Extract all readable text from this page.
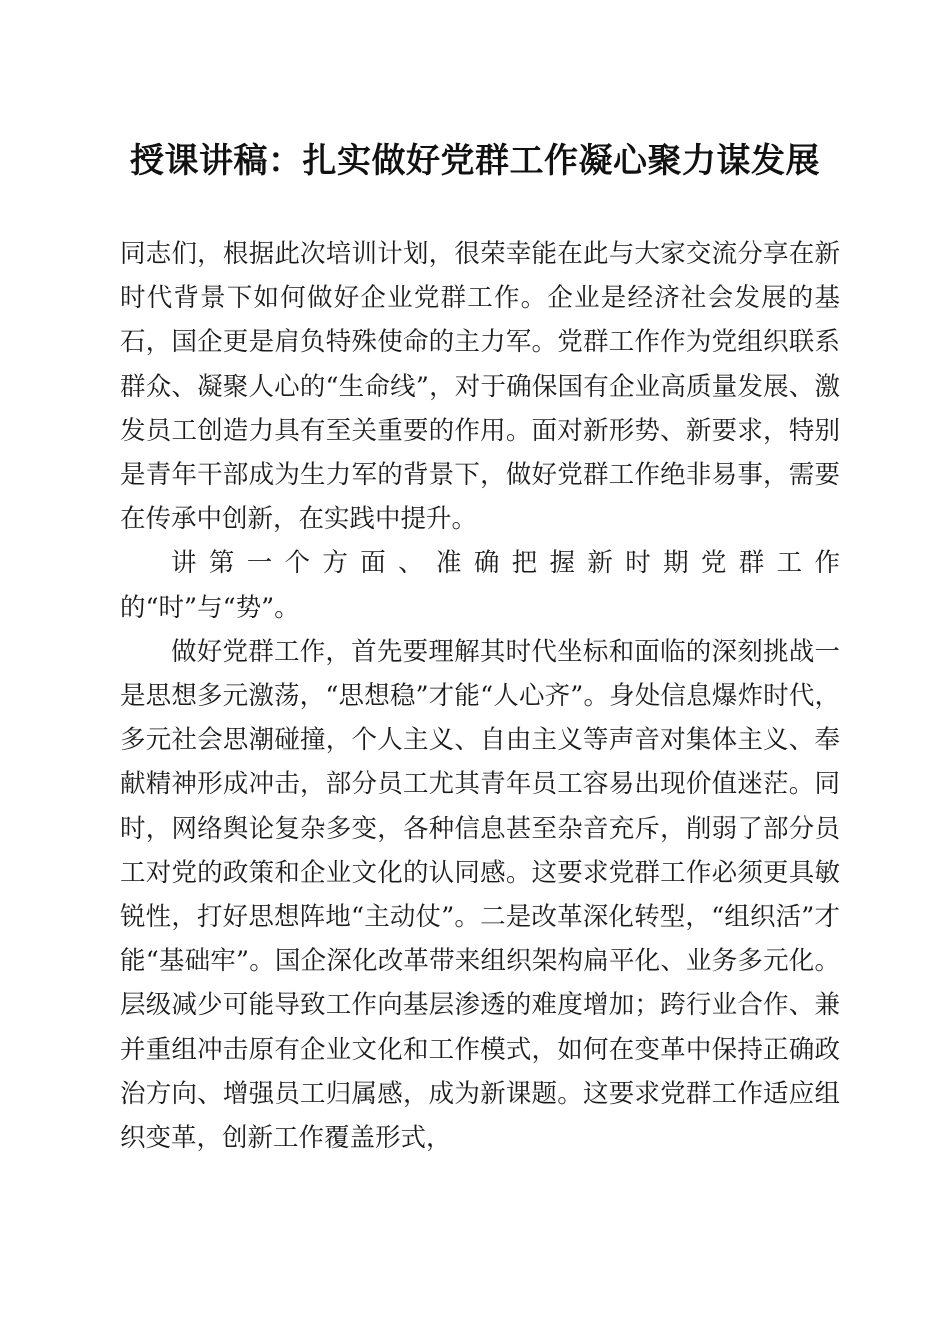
授课讲稿：扎实做好党群工作凝心聚力谋发展

同志们，根据此次培训计划，很荣幸能在此与大家交流分享在新时代背景下如何做好企业党群工作。企业是经济社会发展的基石，国企更是肩负特殊使命的主力军。党群工作作为党组织联系群众、凝聚人心的“生命线”，对于确保国有企业高质量发展、激发员工创造力具有至关重要的作用。面对新形势、新要求，特别是青年干部成为生力军的背景下，做好党群工作绝非易事，需要在传承中创新，在实践中提升。

讲第一个方面、准确把握新时期党群工作

的“时”与“势”。

做好党群工作，首先要理解其时代坐标和面临的深刻挑战一是思想多元激荡，“思想稳”才能“人心齐”。身处信息爆炸时代，多元社会思潮碰撞，个人主义、自由主义等声音对集体主义、奉献精神形成冲击，部分员工尤其青年员工容易出现价值迷茫。同时，网络舆论复杂多变，各种信息甚至杂音充斥，削弱了部分员工对党的政策和企业文化的认同感。这要求党群工作必须更具敏锐性，打好思想阵地“主动仗”。二是改革深化转型，“组织活”才能“基础牢”。国企深化改革带来组织架构扁平化、业务多元化。层级减少可能导致工作向基层渗透的难度增加；跨行业合作、兼并重组冲击原有企业文化和工作模式，如何在变革中保持正确政治方向、增强员工归属感，成为新课题。这要求党群工作适应组织变革，创新工作覆盖形式，
